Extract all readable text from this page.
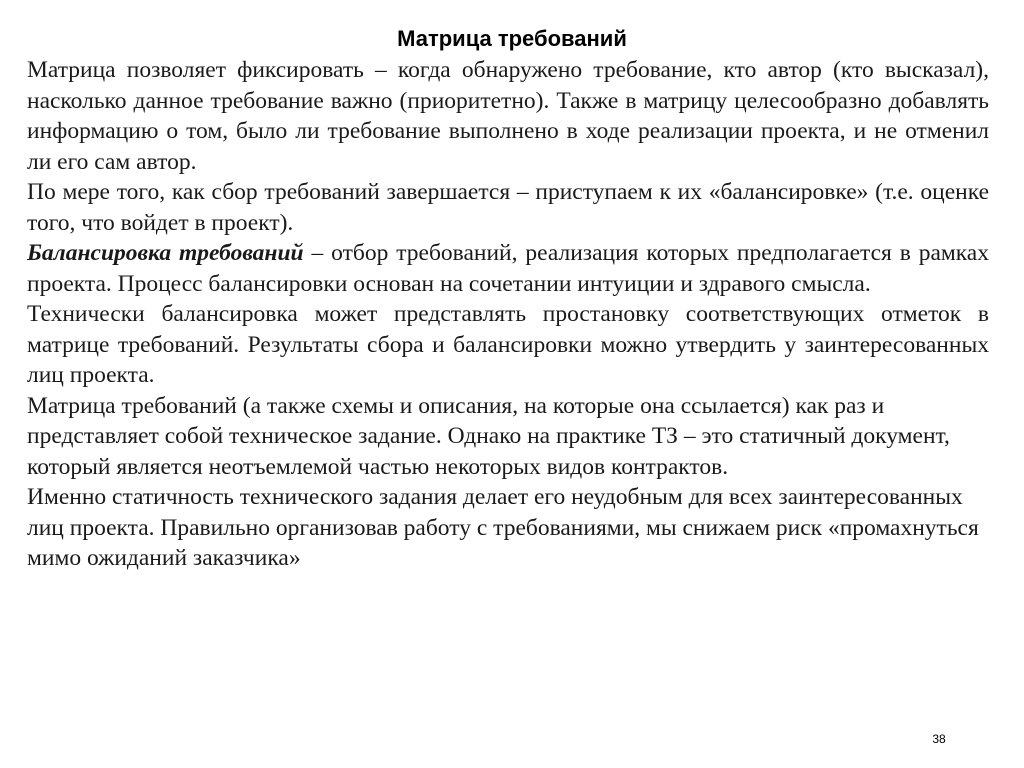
Матрица требований

Матрица позволяет фиксировать – когда обнаружено требование, кто автор (кто высказал), насколько данное требование важно (приоритетно). Также в матрицу целесообразно добавлять информацию о том, было ли требование выполнено в ходе реализации проекта, и не отменил ли его сам автор.

По мере того, как сбор требований завершается – приступаем к их «балансировке» (т.е. оценке того, что войдет в проект).

Балансировка требований – отбор требований, реализация которых предполагается в рамках проекта. Процесс балансировки основан на сочетании интуиции и здравого смысла.

Технически балансировка может представлять простановку соответствующих отметок в матрице требований. Результаты сбора и балансировки можно утвердить у заинтересованных лиц проекта.

Матрица требований (а также схемы и описания, на которые она ссылается) как раз и представляет собой техническое задание. Однако на практике ТЗ – это статичный документ, который является неотъемлемой частью некоторых видов контрактов.

Именно статичность технического задания делает его неудобным для всех заинтересованных лиц проекта. Правильно организовав работу с требованиями, мы снижаем риск «промахнуться мимо ожиданий заказчика»

38
